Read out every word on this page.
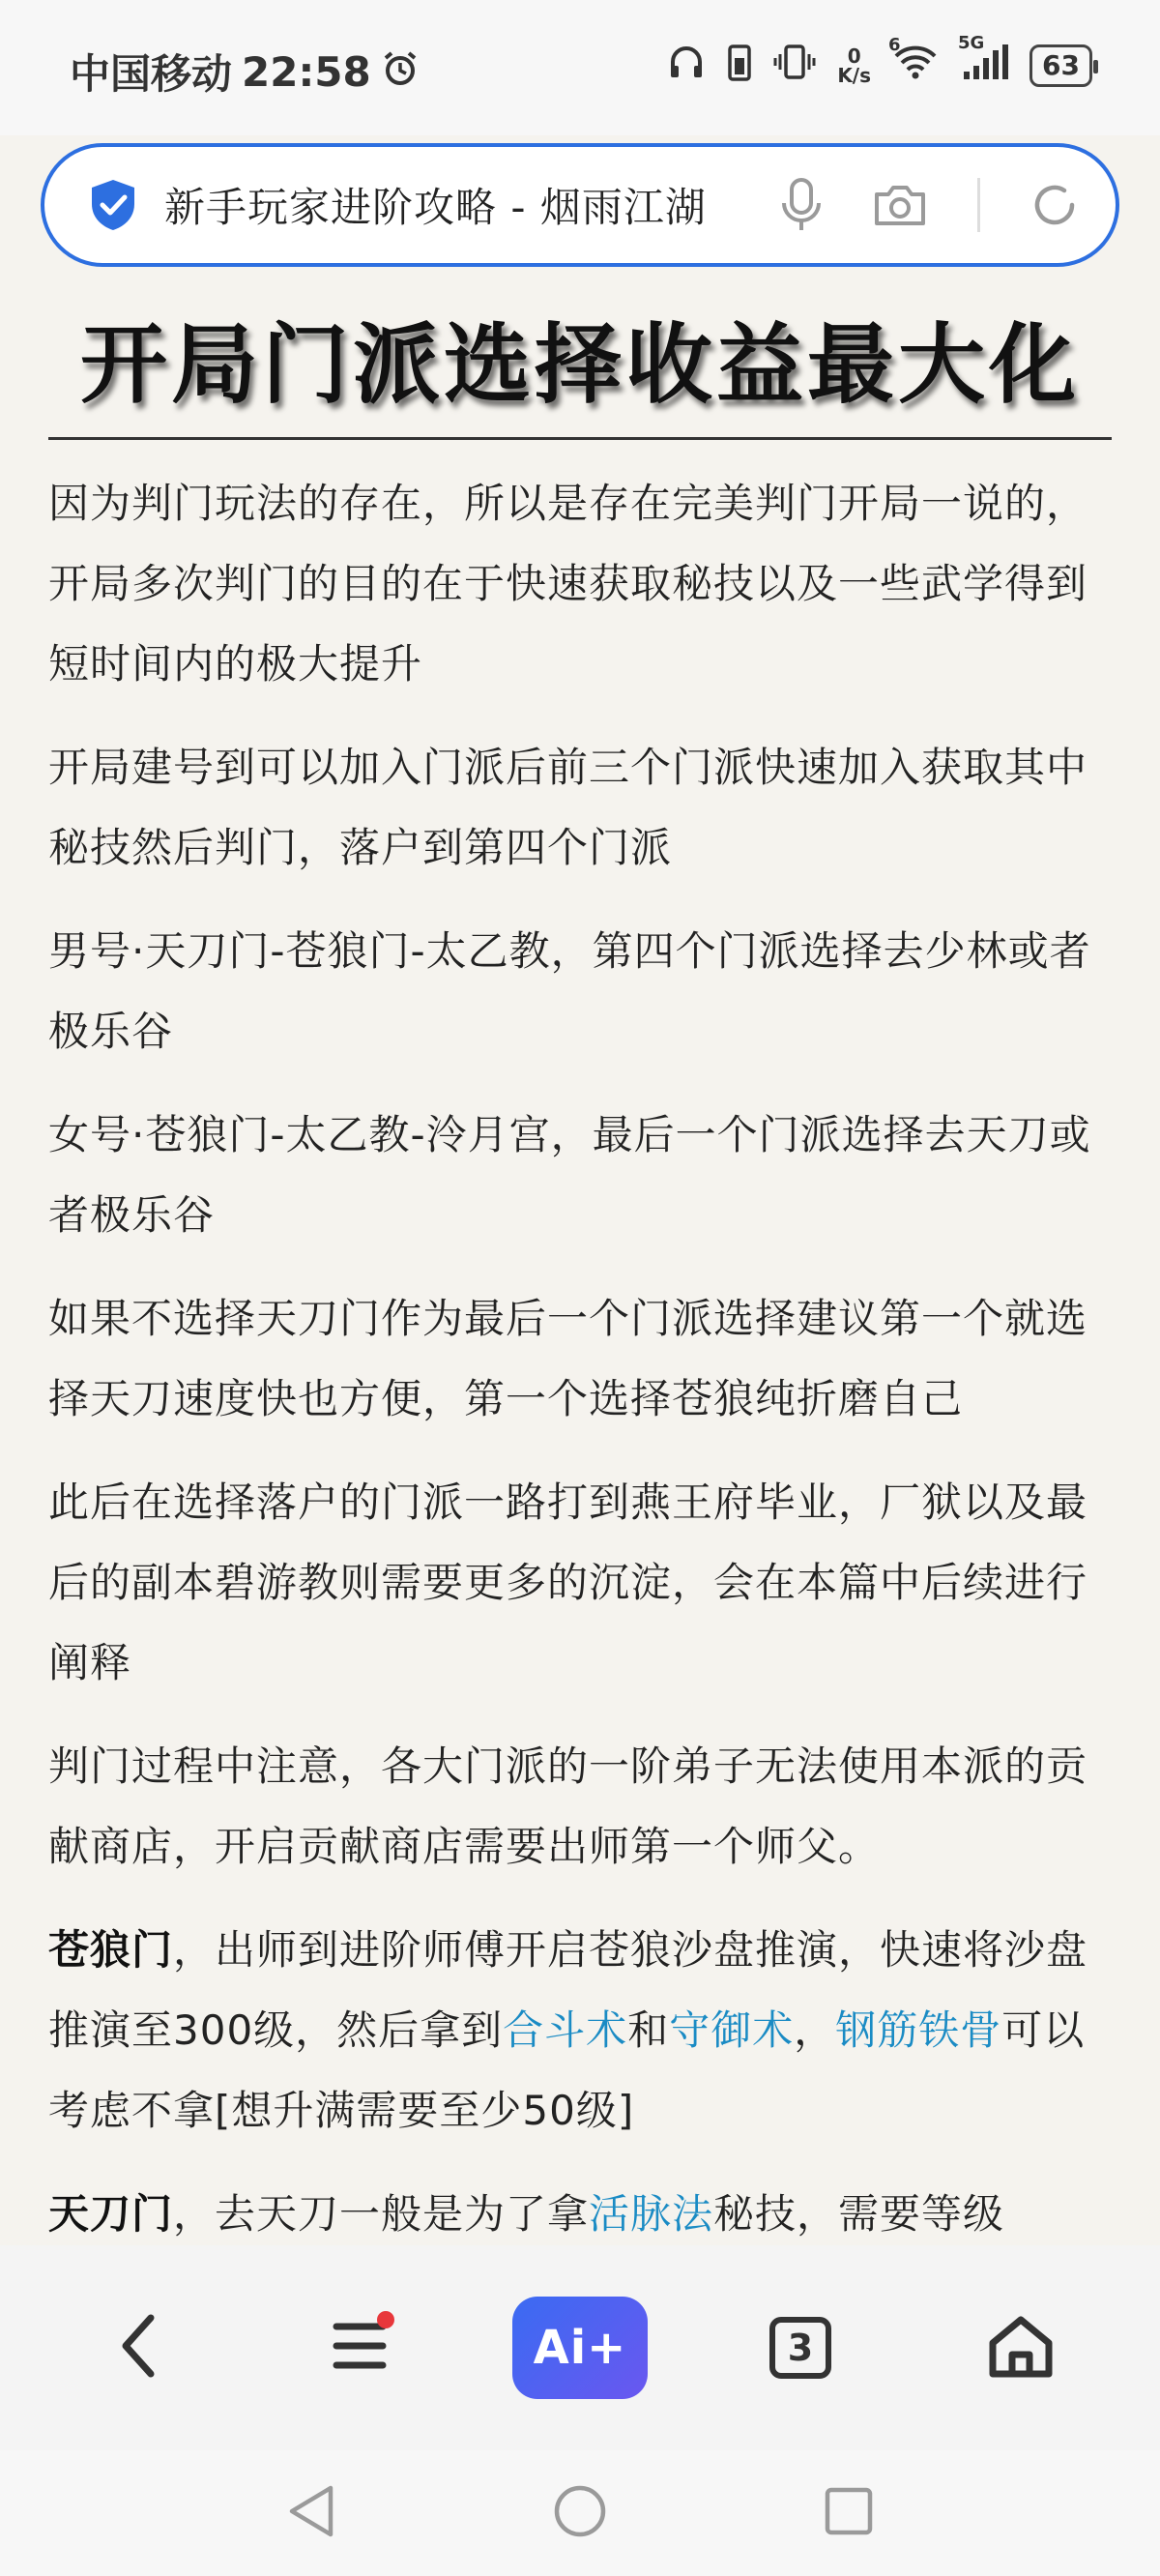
中国移动 22:58	0
K/s
6	5G
63
新手玩家进阶攻略 - 烟雨江湖
开局门派选择收益最大化

因为判门玩法的存在，所以是存在完美判门开局一说的，开局多次判门的目的在于快速获取秘技以及一些武学得到短时间内的极大提升

开局建号到可以加入门派后前三个门派快速加入获取其中秘技然后判门，落户到第四个门派

男号·天刀门-苍狼门-太乙教，第四个门派选择去少林或者极乐谷

女号·苍狼门-太乙教-泠月宫，最后一个门派选择去天刀或者极乐谷

如果不选择天刀门作为最后一个门派选择建议第一个就选择天刀速度快也方便，第一个选择苍狼纯折磨自己

此后在选择落户的门派一路打到燕王府毕业，厂狱以及最后的副本碧游教则需要更多的沉淀，会在本篇中后续进行阐释

判门过程中注意，各大门派的一阶弟子无法使用本派的贡献商店，开启贡献商店需要出师第一个师父。

苍狼门，出师到进阶师傅开启苍狼沙盘推演，快速将沙盘推演至300级，然后拿到合斗术和守御术，钢筋铁骨可以考虑不拿[想升满需要至少50级]

天刀门，去天刀一般是为了拿活脉法秘技，需要等级

Ai+	3
